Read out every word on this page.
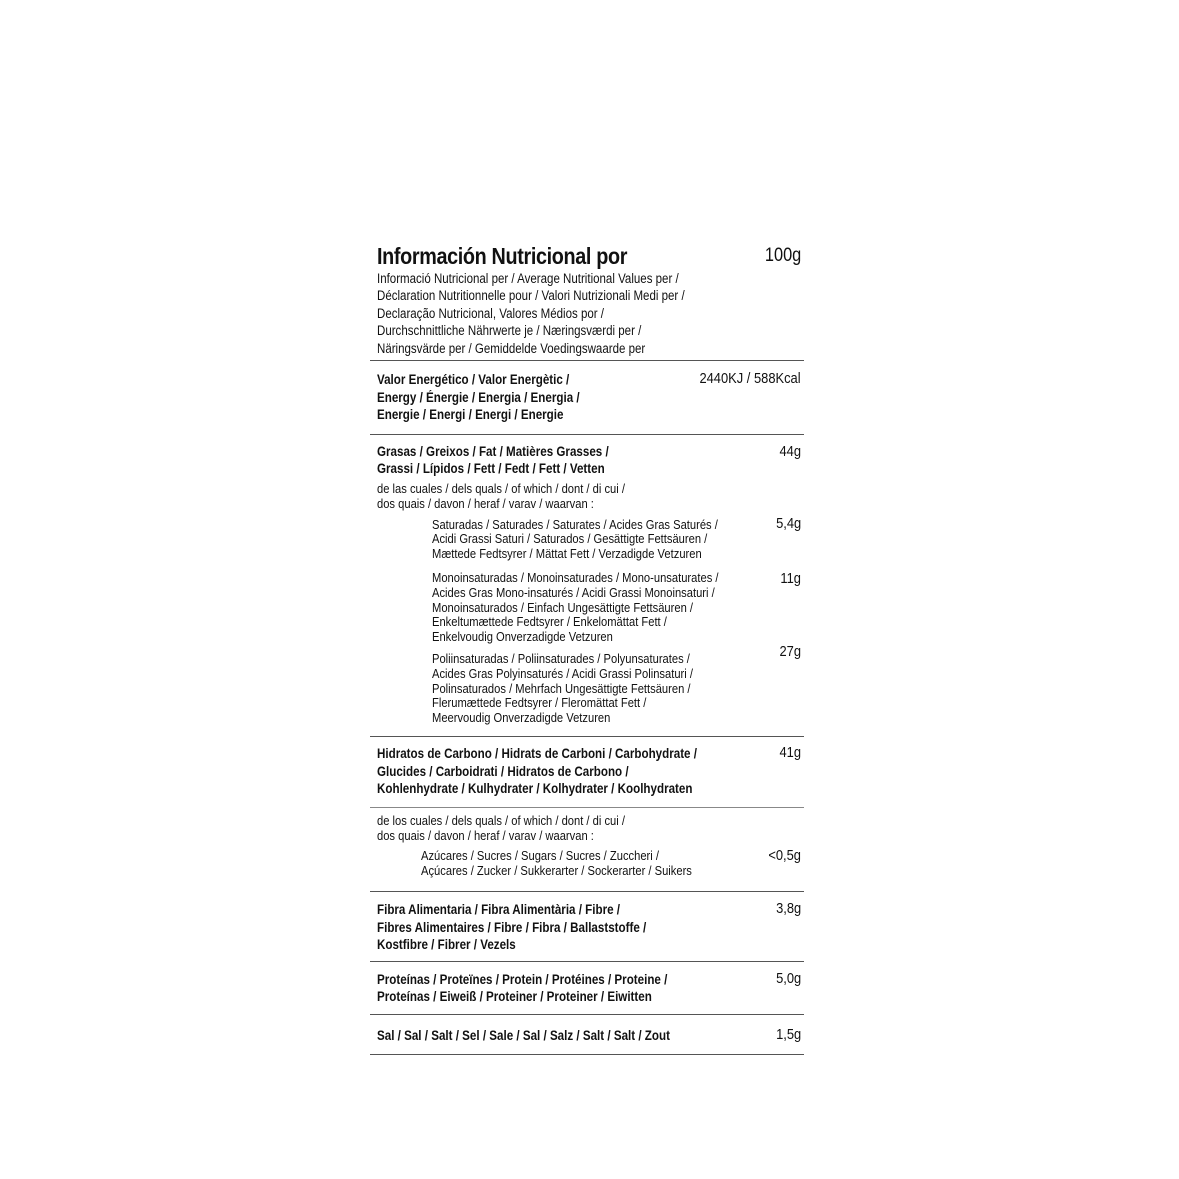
Información Nutricional por	100g
Informació Nutricional per / Average Nutritional Values per /
Déclaration Nutritionnelle pour / Valori Nutrizionali Medi per /
Declaração Nutricional, Valores Médios por /
Durchschnittliche Nährwerte je / Næringsværdi per /
Näringsvärde per / Gemiddelde Voedingswaarde per
Valor Energético / Valor Energètic /
Energy / Énergie / Energia / Energia /
Energie / Energi / Energi / Energie
2440KJ / 588Kcal
Grasas / Greixos / Fat / Matières Grasses /
Grassi / Lípidos / Fett / Fedt / Fett / Vetten
44g
de las cuales / dels quals / of which / dont / di cui /
dos quais / davon / heraf / varav / waarvan :
Saturadas / Saturades / Saturates / Acides Gras Saturés /
Acidi Grassi Saturi / Saturados / Gesättigte Fettsäuren /
Mættede Fedtsyrer / Mättat Fett / Verzadigde Vetzuren
5,4g
Monoinsaturadas / Monoinsaturades / Mono-unsaturates /
Acides Gras Mono-insaturés / Acidi Grassi Monoinsaturi /
Monoinsaturados / Einfach Ungesättigte Fettsäuren /
Enkeltumættede Fedtsyrer / Enkelomättat Fett /
Enkelvoudig Onverzadigde Vetzuren
11g
Poliinsaturadas / Poliinsaturades / Polyunsaturates /
Acides Gras Polyinsaturés / Acidi Grassi Polinsaturi /
Polinsaturados / Mehrfach Ungesättigte Fettsäuren /
Flerumættede Fedtsyrer / Fleromättat Fett /
Meervoudig Onverzadigde Vetzuren
27g
Hidratos de Carbono / Hidrats de Carboni / Carbohydrate /
Glucides / Carboidrati / Hidratos de Carbono /
Kohlenhydrate / Kulhydrater / Kolhydrater / Koolhydraten
41g
de los cuales / dels quals / of which / dont / di cui /
dos quais / davon / heraf / varav / waarvan :
Azúcares / Sucres / Sugars / Sucres / Zuccheri /
Açúcares / Zucker / Sukkerarter / Sockerarter / Suikers
<0,5g
Fibra Alimentaria / Fibra Alimentària / Fibre /
Fibres Alimentaires / Fibre / Fibra / Ballaststoffe /
Kostfibre / Fibrer / Vezels
3,8g
Proteínas / Proteïnes / Protein / Protéines / Proteine /
Proteínas / Eiweiß / Proteiner / Proteiner / Eiwitten
5,0g
Sal / Sal / Salt / Sel / Sale / Sal / Salz / Salt / Salt / Zout	1,5g
